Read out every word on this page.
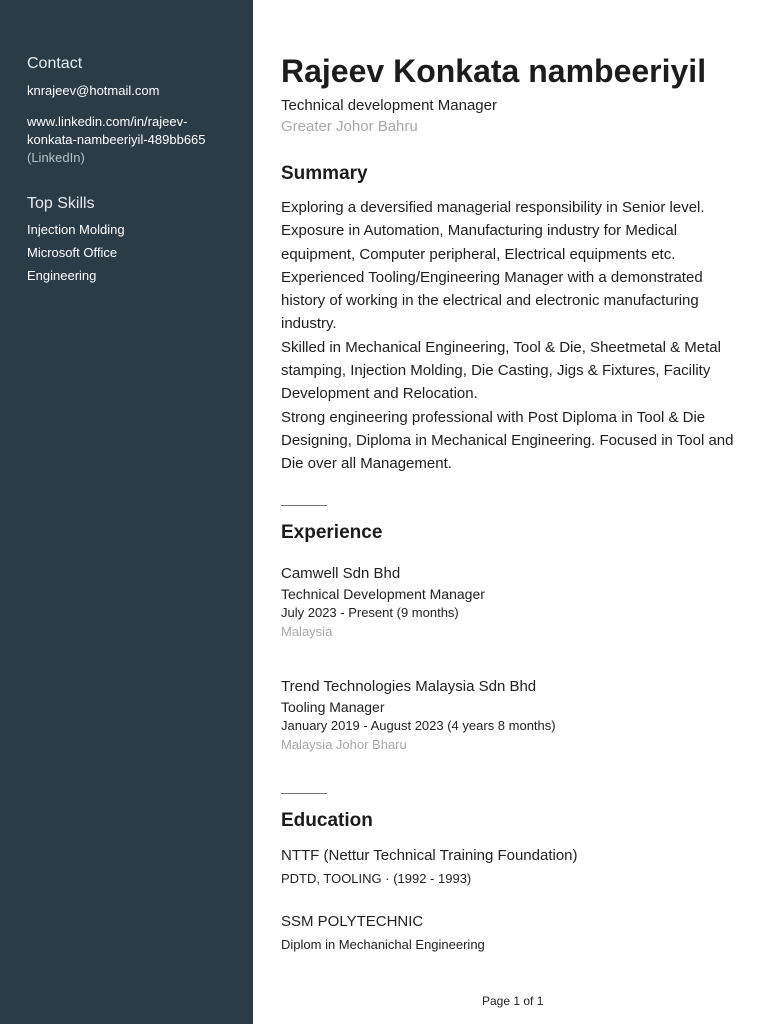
Contact
knrajeev@hotmail.com
www.linkedin.com/in/rajeev-
konkata-nambeeriyil-489bb665
(LinkedIn)
Top Skills
Injection Molding
Microsoft Office
Engineering
Rajeev Konkata nambeeriyil
Technical development Manager
Greater Johor Bahru
Summary

Exploring a deversified managerial responsibility in Senior level.

Exposure in Automation, Manufacturing industry for Medical equipment, Computer peripheral, Electrical equipments etc.

Experienced Tooling/Engineering Manager with a demonstrated history of working in the electrical and electronic manufacturing industry.

Skilled in Mechanical Engineering, Tool & Die, Sheetmetal & Metal stamping, Injection Molding, Die Casting, Jigs & Fixtures, Facility Development and Relocation.

Strong engineering professional with Post Diploma in Tool & Die Designing, Diploma in Mechanical Engineering. Focused in Tool and Die over all Management.

Experience
Camwell Sdn Bhd
Technical Development Manager
July 2023 - Present (9 months)
Malaysia
Trend Technologies Malaysia Sdn Bhd
Tooling Manager
January 2019 - August 2023 (4 years 8 months)
Malaysia Johor Bharu
Education
NTTF (Nettur Technical Training Foundation)
PDTD, TOOLING · (1992 - 1993)
SSM POLYTECHNIC
Diplom in Mechanichal Engineering
Page 1 of 1
